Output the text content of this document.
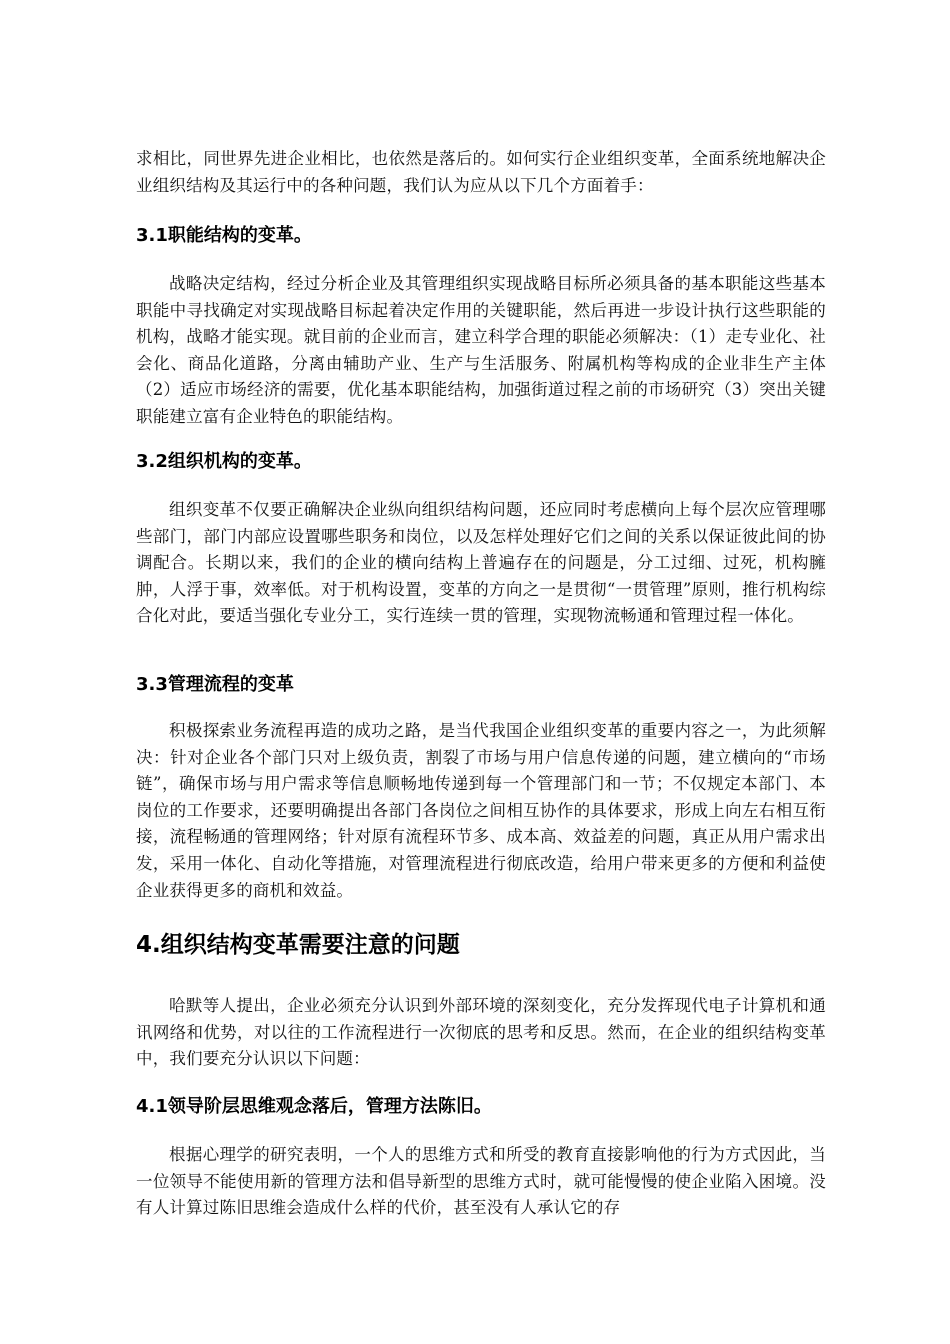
求相比，同世界先进企业相比，也依然是落后的。如何实行企业组织变革，全面系统地解决企业组织结构及其运行中的各种问题，我们认为应从以下几个方面着手：

3.1职能结构的变革。

战略决定结构，经过分析企业及其管理组织实现战略目标所必须具备的基本职能这些基本职能中寻找确定对实现战略目标起着决定作用的关键职能，然后再进一步设计执行这些职能的机构，战略才能实现。就目前的企业而言，建立科学合理的职能必须解决：（1）走专业化、社会化、商品化道路，分离由辅助产业、生产与生活服务、附属机构等构成的企业非生产主体（2）适应市场经济的需要，优化基本职能结构，加强街道过程之前的市场研究（3）突出关键职能建立富有企业特色的职能结构。

3.2组织机构的变革。

组织变革不仅要正确解决企业纵向组织结构问题，还应同时考虑横向上每个层次应管理哪些部门，部门内部应设置哪些职务和岗位，以及怎样处理好它们之间的关系以保证彼此间的协调配合。长期以来，我们的企业的横向结构上普遍存在的问题是，分工过细、过死，机构臃肿，人浮于事，效率低。对于机构设置，变革的方向之一是贯彻“一贯管理”原则，推行机构综合化对此，要适当强化专业分工，实行连续一贯的管理，实现物流畅通和管理过程一体化。

3.3管理流程的变革

积极探索业务流程再造的成功之路，是当代我国企业组织变革的重要内容之一，为此须解决：针对企业各个部门只对上级负责，割裂了市场与用户信息传递的问题，建立横向的“市场链”，确保市场与用户需求等信息顺畅地传递到每一个管理部门和一节；不仅规定本部门、本岗位的工作要求，还要明确提出各部门各岗位之间相互协作的具体要求，形成上向左右相互衔接，流程畅通的管理网络；针对原有流程环节多、成本高、效益差的问题，真正从用户需求出发，采用一体化、自动化等措施，对管理流程进行彻底改造，给用户带来更多的方便和利益使企业获得更多的商机和效益。

4.组织结构变革需要注意的问题

哈默等人提出，企业必须充分认识到外部环境的深刻变化，充分发挥现代电子计算机和通讯网络和优势，对以往的工作流程进行一次彻底的思考和反思。然而，在企业的组织结构变革中，我们要充分认识以下问题：

4.1领导阶层思维观念落后，管理方法陈旧。

根据心理学的研究表明，一个人的思维方式和所受的教育直接影响他的行为方式因此，当一位领导不能使用新的管理方法和倡导新型的思维方式时，就可能慢慢的使企业陷入困境。没有人计算过陈旧思维会造成什么样的代价，甚至没有人承认它的存
